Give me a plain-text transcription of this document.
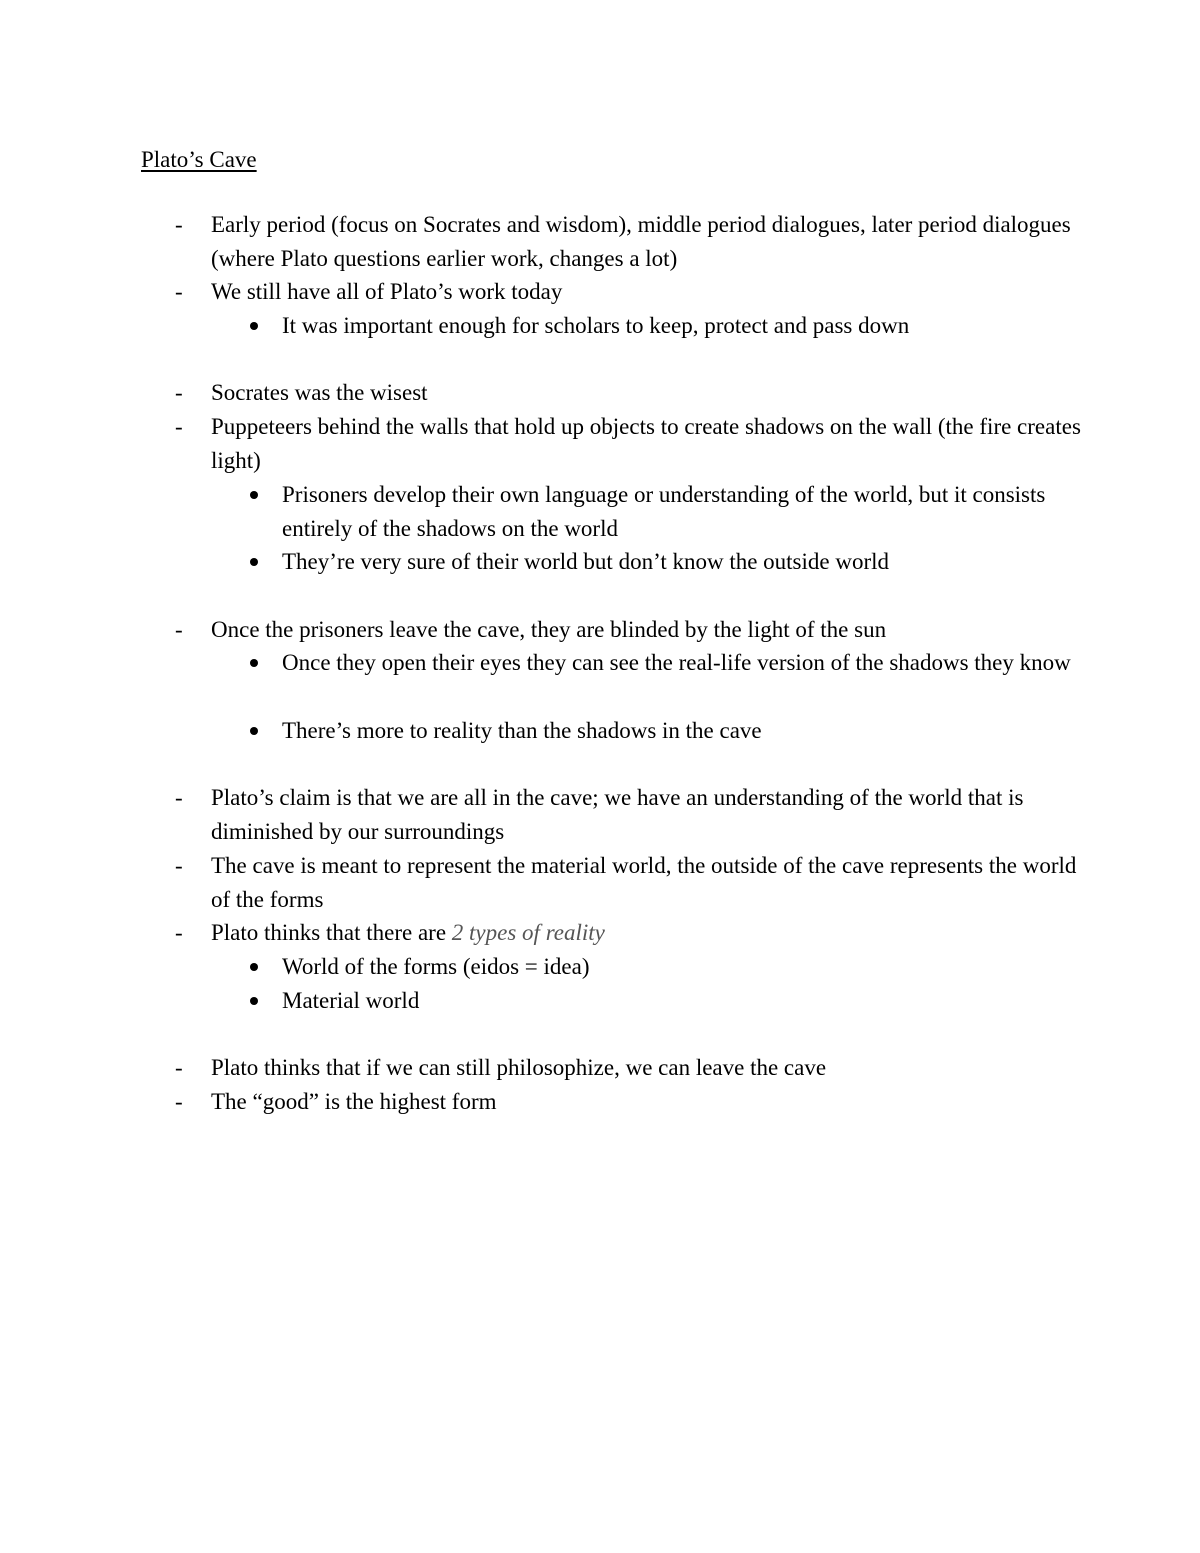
Plato’s Cave
- Early period (focus on Socrates and wisdom), middle period dialogues, later period dialogues (where Plato questions earlier work, changes a lot)
- We still have all of Plato’s work today
It was important enough for scholars to keep, protect and pass down
- Socrates was the wisest
- Puppeteers behind the walls that hold up objects to create shadows on the wall (the fire creates light)
Prisoners develop their own language or understanding of the world, but it consists entirely of the shadows on the world
They’re very sure of their world but don’t know the outside world
- Once the prisoners leave the cave, they are blinded by the light of the sun
Once they open their eyes they can see the real-life version of the shadows they know
There’s more to reality than the shadows in the cave
- Plato’s claim is that we are all in the cave; we have an understanding of the world that is diminished by our surroundings
- The cave is meant to represent the material world, the outside of the cave represents the world of the forms
- Plato thinks that there are 2 types of reality
World of the forms (eidos = idea)
Material world
- Plato thinks that if we can still philosophize, we can leave the cave
- The “good” is the highest form
